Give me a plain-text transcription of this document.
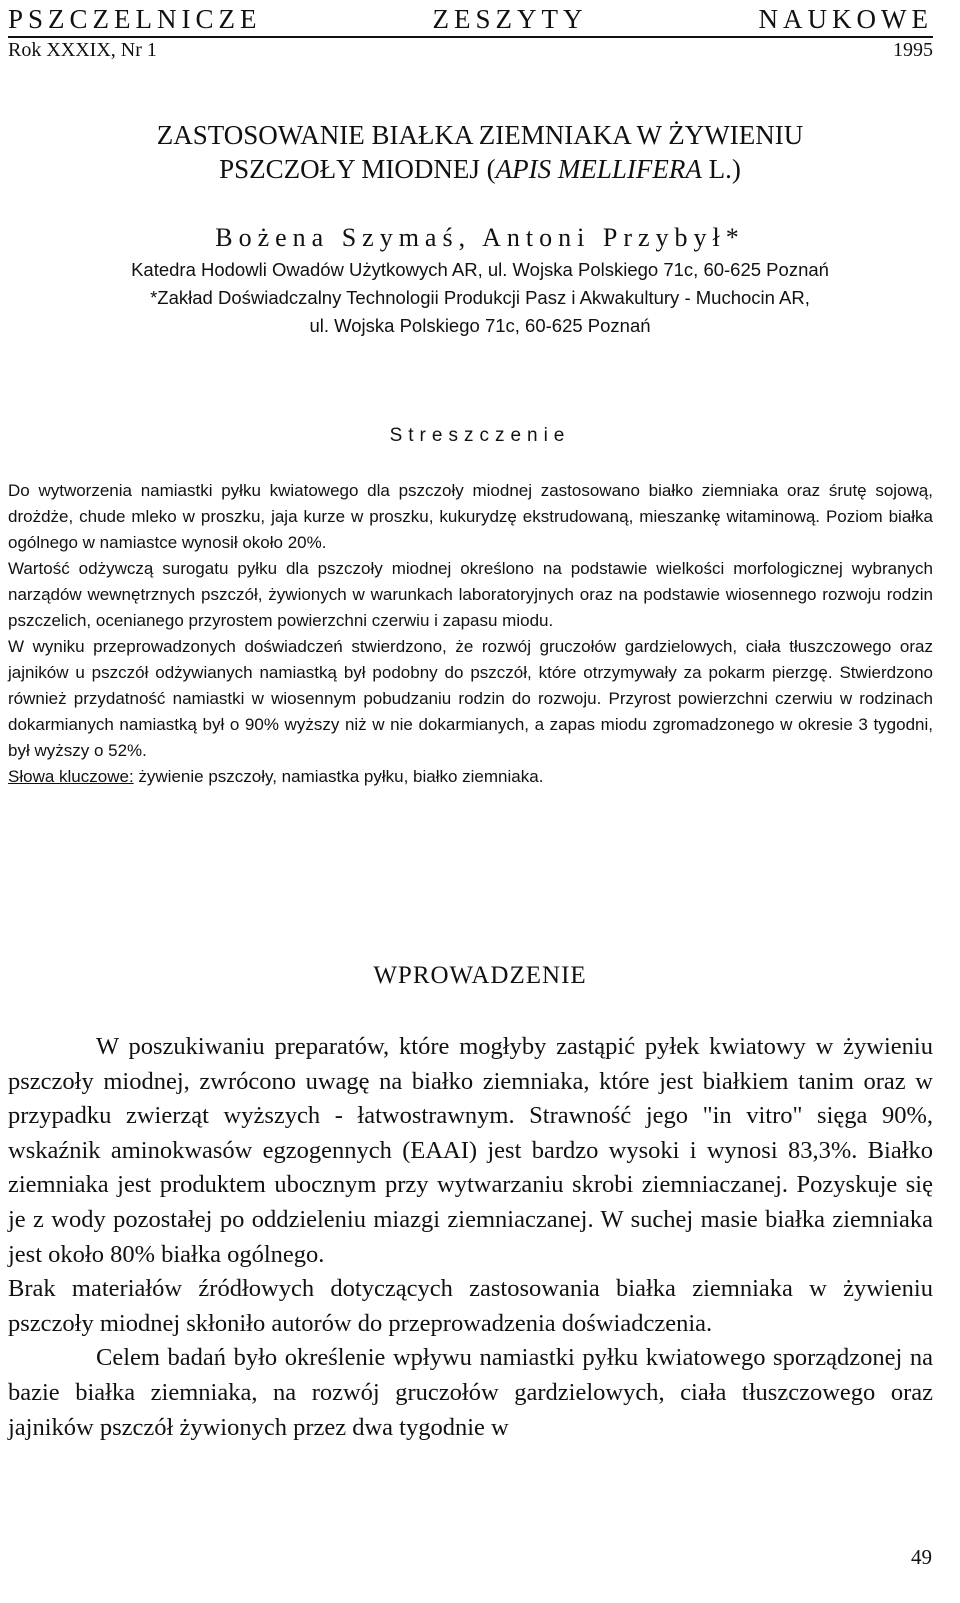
PSZCZELNICZE	ZESZYTY	NAUKOWE
Rok XXXIX, Nr 1	1995
ZASTOSOWANIE BIAŁKA ZIEMNIAKA W ŻYWIENIU
PSZCZOŁY MIODNEJ (APIS MELLIFERA L.)
Bożena Szymaś, Antoni Przybył*
Katedra Hodowli Owadów Użytkowych AR, ul. Wojska Polskiego 71c, 60-625 Poznań
*Zakład Doświadczalny Technologii Produkcji Pasz i Akwakultury - Muchocin AR,
ul. Wojska Polskiego 71c, 60-625 Poznań
Streszczenie

Do wytworzenia namiastki pyłku kwiatowego dla pszczoły miodnej zastosowano białko ziemniaka oraz śrutę sojową, drożdże, chude mleko w proszku, jaja kurze w proszku, kukurydzę ekstrudowaną, mieszankę witaminową. Poziom białka ogólnego w namiastce wynosił około 20%.

Wartość odżywczą surogatu pyłku dla pszczoły miodnej określono na podstawie wielkości morfologicznej wybranych narządów wewnętrznych pszczół, żywionych w warunkach laboratoryjnych oraz na podstawie wiosennego rozwoju rodzin pszczelich, ocenianego przyrostem powierzchni czerwiu i zapasu miodu.

W wyniku przeprowadzonych doświadczeń stwierdzono, że rozwój gruczołów gardzielowych, ciała tłuszczowego oraz jajników u pszczół odżywianych namiastką był podobny do pszczół, które otrzymywały za pokarm pierzgę. Stwierdzono również przydatność namiastki w wiosennym pobudzaniu rodzin do rozwoju. Przyrost powierzchni czerwiu w rodzinach dokarmianych namiastką był o 90% wyższy niż w nie dokarmianych, a zapas miodu zgromadzonego w okresie 3 tygodni, był wyższy o 52%.

Słowa kluczowe: żywienie pszczoły, namiastka pyłku, białko ziemniaka.

WPROWADZENIE

W poszukiwaniu preparatów, które mogłyby zastąpić pyłek kwiatowy w żywieniu pszczoły miodnej, zwrócono uwagę na białko ziemniaka, które jest białkiem tanim oraz w przypadku zwierząt wyższych - łatwostrawnym. Strawność jego "in vitro" sięga 90%, wskaźnik aminokwasów egzogennych (EAAI) jest bardzo wysoki i wynosi 83,3%. Białko ziemniaka jest produktem ubocznym przy wytwarzaniu skrobi ziemniaczanej. Pozyskuje się je z wody pozostałej po oddzieleniu miazgi ziemniaczanej. W suchej masie białka ziemniaka jest około 80% białka ogólnego.

Brak materiałów źródłowych dotyczących zastosowania białka ziemniaka w żywieniu pszczoły miodnej skłoniło autorów do przeprowadzenia doświadczenia.

Celem badań było określenie wpływu namiastki pyłku kwiatowego sporządzonej na bazie białka ziemniaka, na rozwój gruczołów gardzielowych, ciała tłuszczowego oraz jajników pszczół żywionych przez dwa tygodnie w

49
